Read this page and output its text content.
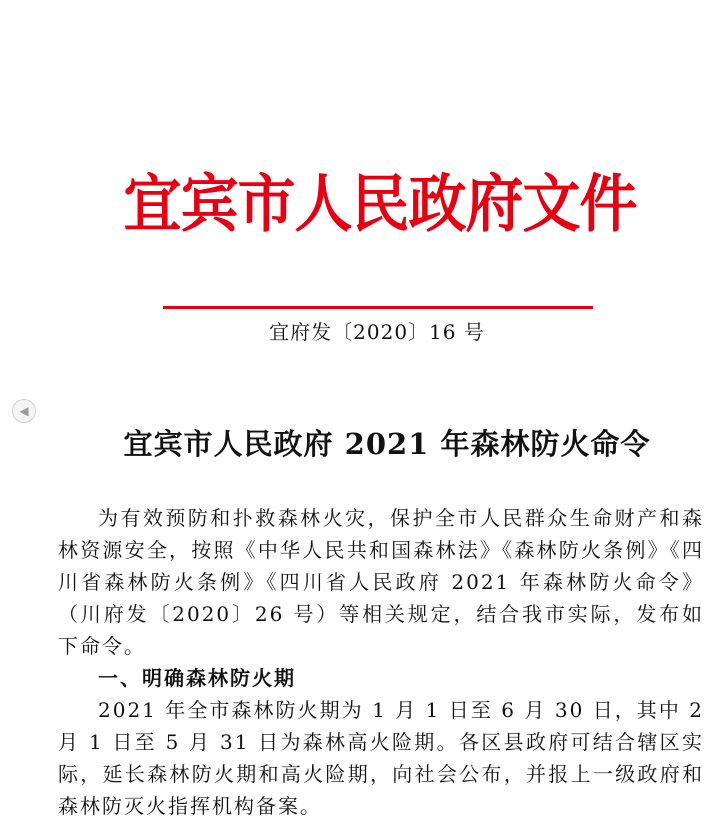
宜宾市人民政府文件
宜府发〔2020〕16 号
◀
宜宾市人民政府 2021 年森林防火命令

为有效预防和扑救森林火灾，保护全市人民群众生命财产和森林资源安全，按照《中华人民共和国森林法》《森林防火条例》《四川省森林防火条例》《四川省人民政府 2021 年森林防火命令》（川府发〔2020〕26 号）等相关规定，结合我市实际，发布如下命令。

一、明确森林防火期

2021 年全市森林防火期为 1 月 1 日至 6 月 30 日，其中 2 月 1 日至 5 月 31 日为森林高火险期。各区县政府可结合辖区实际，延长森林防火期和高火险期，向社会公布，并报上一级政府和森林防灭火指挥机构备案。
